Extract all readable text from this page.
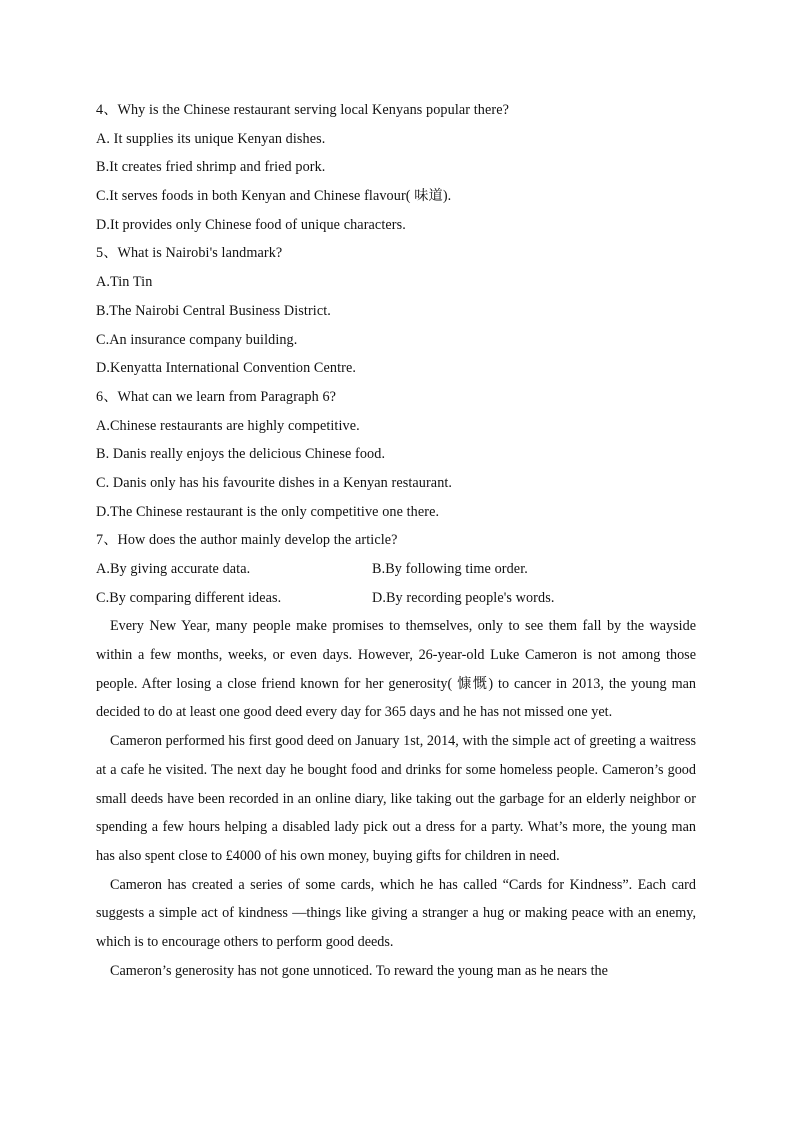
4、Why is the Chinese restaurant serving local Kenyans popular there?
A. It supplies its unique Kenyan dishes.
B.It creates fried shrimp and fried pork.
C.It serves foods in both Kenyan and Chinese flavour( 味道).
D.It provides only Chinese food of unique characters.
5、What is Nairobi's landmark?
A.Tin Tin
B.The Nairobi Central Business District.
C.An insurance company building.
D.Kenyatta International Convention Centre.
6、What can we learn from Paragraph 6?
A.Chinese restaurants are highly competitive.
B. Danis really enjoys the delicious Chinese food.
C. Danis only has his favourite dishes in a Kenyan restaurant.
D.The Chinese restaurant is the only competitive one there.
7、How does the author mainly develop the article?
A.By giving accurate data.	B.By following time order.
C.By comparing different ideas.	D.By recording people's words.

Every New Year, many people make promises to themselves, only to see them fall by the wayside within a few months, weeks, or even days. However, 26-year-old Luke Cameron is not among those people. After losing a close friend known for her generosity( 慷慨) to cancer in 2013, the young man decided to do at least one good deed every day for 365 days and he has not missed one yet.

Cameron performed his first good deed on January 1st, 2014, with the simple act of greeting a waitress at a cafe he visited. The next day he bought food and drinks for some homeless people. Cameron’s good small deeds have been recorded in an online diary, like taking out the garbage for an elderly neighbor or spending a few hours helping a disabled lady pick out a dress for a party. What’s more, the young man has also spent close to £4000 of his own money, buying gifts for children in need.

Cameron has created a series of some cards, which he has called “Cards for Kindness”. Each card suggests a simple act of kindness —things like giving a stranger a hug or making peace with an enemy, which is to encourage others to perform good deeds.

Cameron’s generosity has not gone unnoticed. To reward the young man as he nears the
